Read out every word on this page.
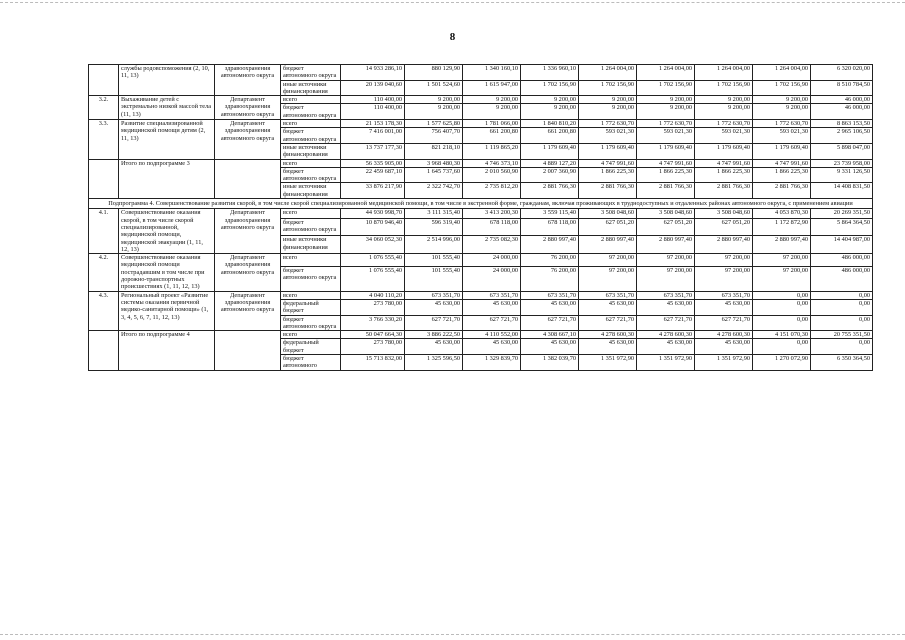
8
	службы родовспоможения (2, 10, 11, 13)	здравоохранения автономного округа	бюджет автономного округа	14 933 286,10	880 129,90	1 340 160,10	1 336 960,10	1 264 004,00	1 264 004,00	1 264 004,00	1 264 004,00	6 320 020,00
			иные источники финансирования	20 139 040,60	1 501 524,60	1 615 947,00	1 702 156,90	1 702 156,90	1 702 156,90	1 702 156,90	1 702 156,90	8 510 784,50
3.2.	Выхаживание детей с экстремально низкой массой тела (11, 13)	Департамент здравоохранения автономного округа	всего	110 400,00	9 200,00	9 200,00	9 200,00	9 200,00	9 200,00	9 200,00	9 200,00	46 000,00
			бюджет автономного округа	110 400,00	9 200,00	9 200,00	9 200,00	9 200,00	9 200,00	9 200,00	9 200,00	46 000,00
3.3.	Развитие специализированной медицинской помощи детям (2, 11, 13)	Департамент здравоохранения автономного округа	всего	21 153 178,30	1 577 625,80	1 781 066,00	1 840 810,20	1 772 630,70	1 772 630,70	1 772 630,70	1 772 630,70	8 863 153,50
			бюджет автономного округа	7 416 001,00	756 407,70	661 200,80	661 200,80	593 021,30	593 021,30	593 021,30	593 021,30	2 965 106,50
			иные источники финансирования	13 737 177,30	821 218,10	1 119 865,20	1 179 609,40	1 179 609,40	1 179 609,40	1 179 609,40	1 179 609,40	5 898 047,00
	Итого по подпрограмме 3		всего	56 335 905,00	3 968 480,30	4 746 373,10	4 889 127,20	4 747 991,60	4 747 991,60	4 747 991,60	4 747 991,60	23 739 958,00
			бюджет автономного округа	22 459 687,10	1 645 737,60	2 010 560,90	2 007 360,90	1 866 225,30	1 866 225,30	1 866 225,30	1 866 225,30	9 331 126,50
			иные источники финансирования	33 876 217,90	2 322 742,70	2 735 812,20	2 881 766,30	2 881 766,30	2 881 766,30	2 881 766,30	2 881 766,30	14 408 831,50
Подпрограмма 4. Совершенствование развития скорой, в том числе скорой специализированной медицинской помощи, в том числе в экстренной форме, гражданам, включая проживающих в труднодоступных и отдаленных районах автономного округа, с применением авиации												
4.1.	Совершенствование оказания скорой, в том числе скорой специализированной, медицинской помощи, медицинской эвакуации (1, 11, 12, 13)	Департамент здравоохранения автономного округа	всего	44 930 998,70	3 111 315,40	3 413 200,30	3 559 115,40	3 508 048,60	3 508 048,60	3 508 048,60	4 053 870,30	20 269 351,50
			бюджет автономного округа	10 870 946,40	596 319,40	678 118,00	678 118,00	627 051,20	627 051,20	627 051,20	1 172 872,90	5 864 364,50
			иные источники финансирования	34 060 052,30	2 514 996,00	2 735 082,30	2 880 997,40	2 880 997,40	2 880 997,40	2 880 997,40	2 880 997,40	14 404 987,00
4.2.	Совершенствование оказания медицинской помощи пострадавшим в том числе при дорожно-транспортных происшествиях (1, 11, 12, 13)	Департамент здравоохранения автономного округа	всего	1 076 555,40	101 555,40	24 000,00	76 200,00	97 200,00	97 200,00	97 200,00	97 200,00	486 000,00
			бюджет автономного округа	1 076 555,40	101 555,40	24 000,00	76 200,00	97 200,00	97 200,00	97 200,00	97 200,00	486 000,00
4.3.	Региональный проект «Развитие системы оказания первичной медико-санитарной помощи» (1, 3, 4, 5, 6, 7, 11, 12, 13)	Департамент здравоохранения автономного округа	всего	4 040 110,20	673 351,70	673 351,70	673 351,70	673 351,70	673 351,70	673 351,70	0,00	0,00
			федеральный бюджет	273 780,00	45 630,00	45 630,00	45 630,00	45 630,00	45 630,00	45 630,00	0,00	0,00
			бюджет автономного округа	3 766 330,20	627 721,70	627 721,70	627 721,70	627 721,70	627 721,70	627 721,70	0,00	0,00
	Итого по подпрограмме 4		всего	50 047 664,30	3 886 222,50	4 110 552,00	4 308 667,10	4 278 600,30	4 278 600,30	4 278 600,30	4 151 070,30	20 755 351,50
			федеральный бюджет	273 780,00	45 630,00	45 630,00	45 630,00	45 630,00	45 630,00	45 630,00	0,00	0,00
			бюджет автономного	15 713 832,00	1 325 596,50	1 329 839,70	1 382 039,70	1 351 972,90	1 351 972,90	1 351 972,90	1 270 072,90	6 350 364,50
